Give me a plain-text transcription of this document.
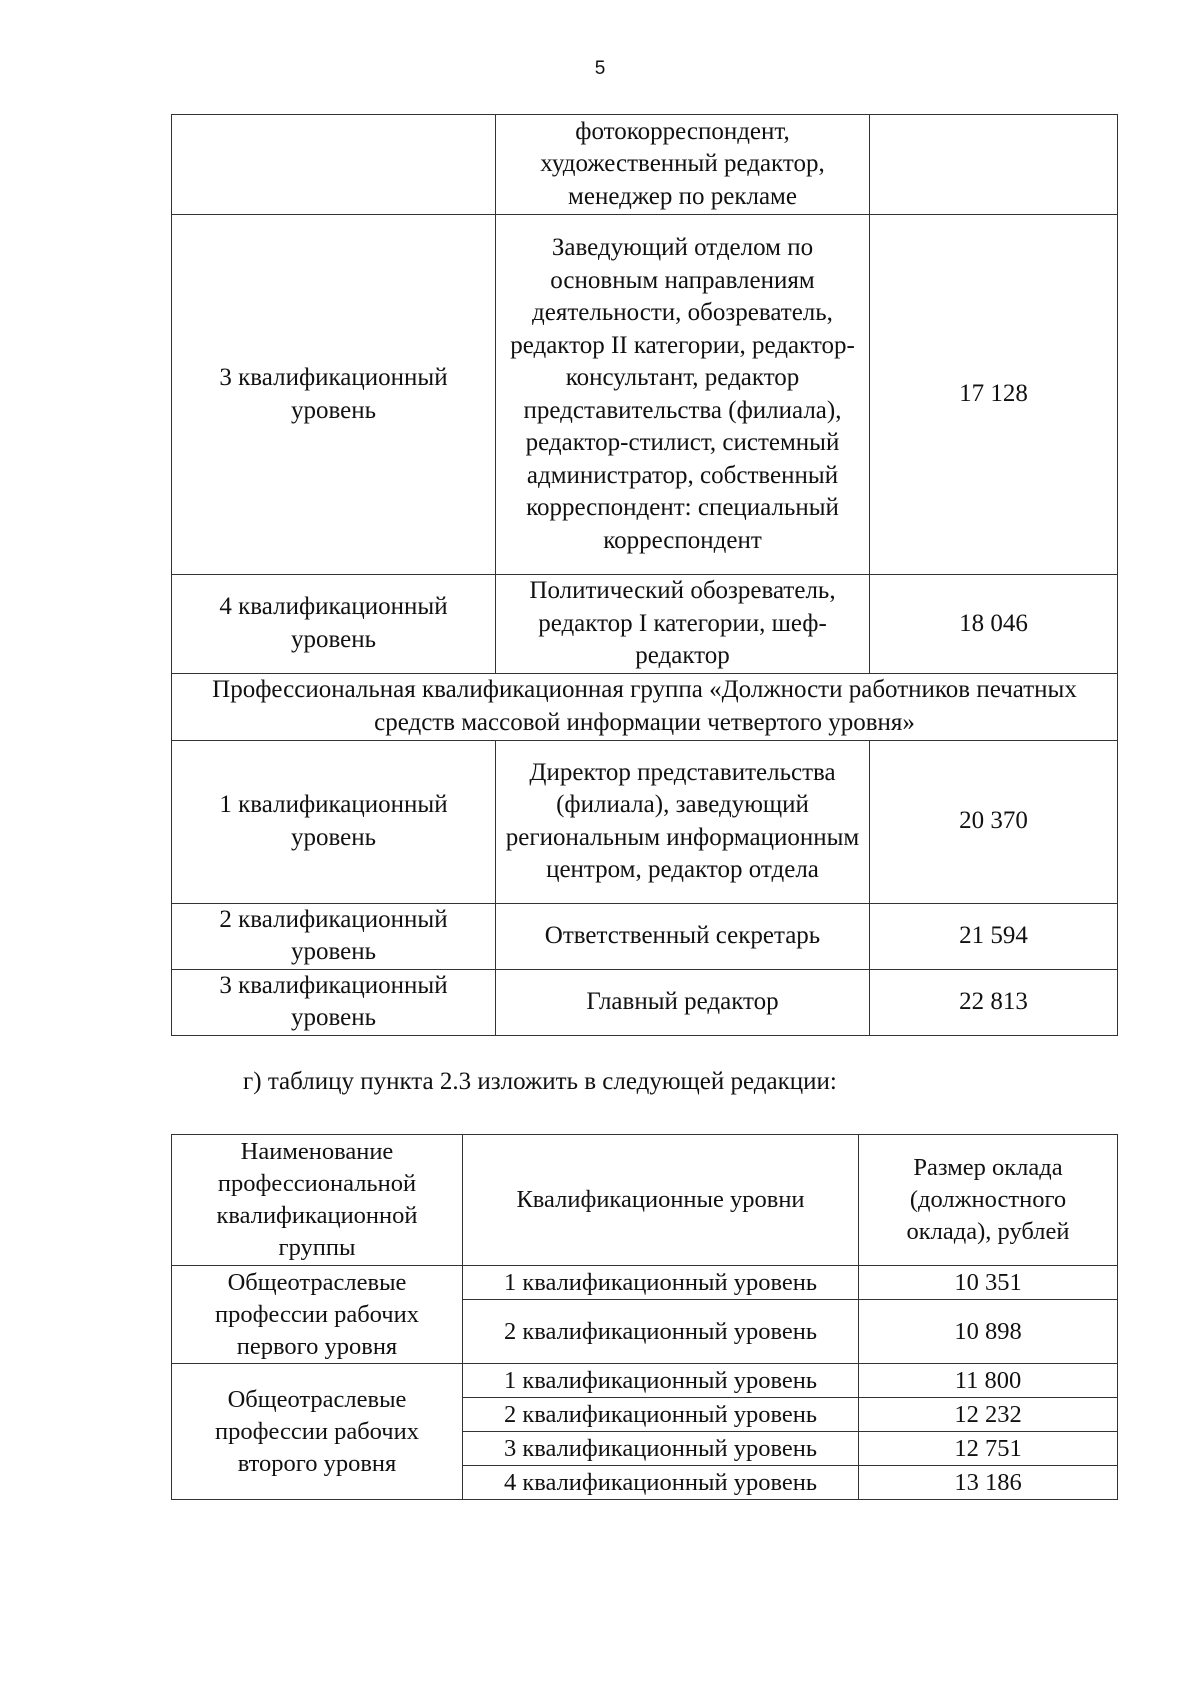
5
	фотокорреспондент, художественный редактор, менеджер по рекламе	
3 квалификационный уровень	Заведующий отделом по основным направлениям деятельности, обозреватель, редактор II категории, редактор-консультант, редактор представительства (филиала), редактор-стилист, системный администратор, собственный корреспондент: специальный корреспондент	17 128
4 квалификационный уровень	Политический обозреватель, редактор I категории, шеф-редактор	18 046
Профессиональная квалификационная группа «Должности работников печатных средств массовой информации четвертого уровня»		
1 квалификационный уровень	Директор представительства (филиала), заведующий региональным информационным центром, редактор отдела	20 370
2 квалификационный уровень	Ответственный секретарь	21 594
3 квалификационный уровень	Главный редактор	22 813
г) таблицу пункта 2.3 изложить в следующей редакции:
Наименование профессиональной квалификационной группы	Квалификационные уровни	Размер оклада (должностного оклада), рублей
Общеотраслевые профессии рабочих первого уровня	1 квалификационный уровень	10 351
	2 квалификационный уровень	10 898
Общеотраслевые профессии рабочих второго уровня	1 квалификационный уровень	11 800
	2 квалификационный уровень	12 232
	3 квалификационный уровень	12 751
	4 квалификационный уровень	13 186
